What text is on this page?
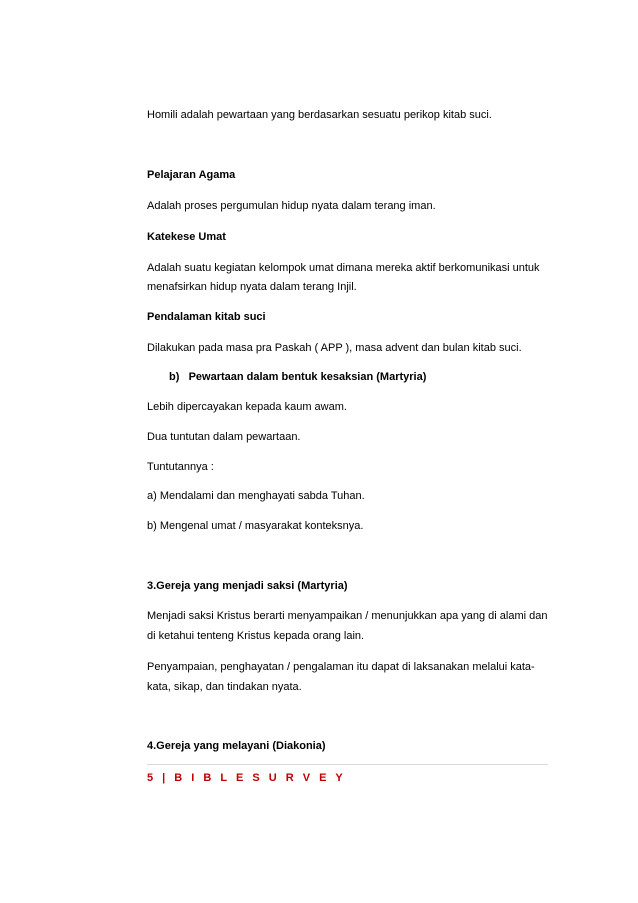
Homili adalah pewartaan yang berdasarkan sesuatu perikop kitab suci.
Pelajaran Agama
Adalah proses pergumulan hidup nyata dalam terang iman.
Katekese Umat
Adalah suatu kegiatan kelompok umat dimana mereka aktif berkomunikasi untuk
menafsirkan hidup nyata dalam terang Injil.
Pendalaman kitab suci
Dilakukan pada masa pra Paskah ( APP ), masa advent dan bulan kitab suci.
b) Pewartaan dalam bentuk kesaksian (Martyria)
Lebih dipercayakan kepada kaum awam.
Dua tuntutan dalam pewartaan.
Tuntutannya :
a) Mendalami dan menghayati sabda Tuhan.
b) Mengenal umat / masyarakat konteksnya.
3.Gereja yang menjadi saksi (Martyria)
Menjadi saksi Kristus berarti menyampaikan / menunjukkan apa yang di alami dan
di ketahui tenteng Kristus kepada orang lain.
Penyampaian, penghayatan / pengalaman itu dapat di laksanakan melalui kata-
kata, sikap, dan tindakan nyata.
4.Gereja yang melayani (Diakonia)
5 | B I B L E S U R V E Y
